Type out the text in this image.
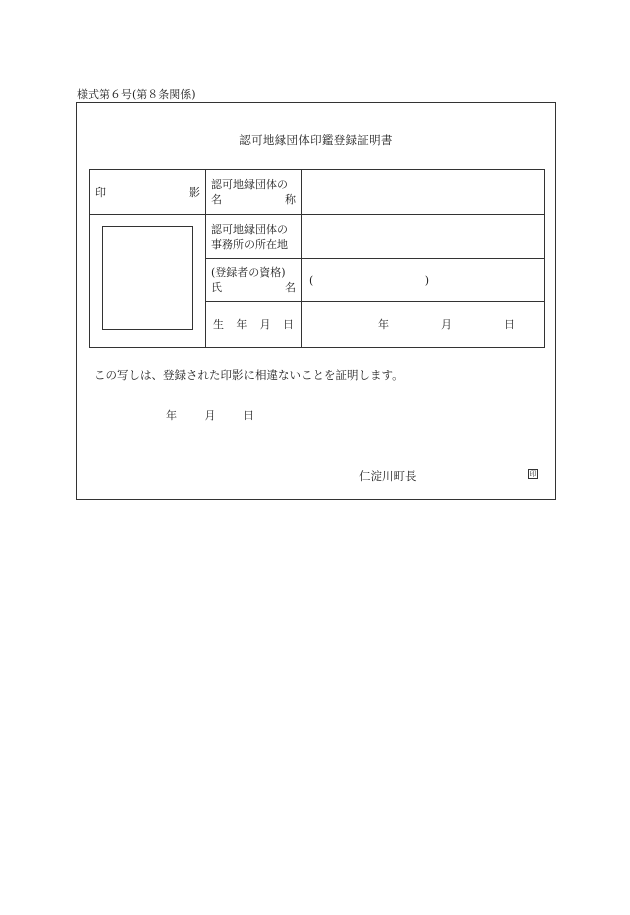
様式第６号(第８条関係)
認可地縁団体印鑑登録証明書
印 影	認可地縁団体の
名 称	

	認可地縁団体の
事務所の所在地	

	(登録者の資格)
氏 名	( )

	生 年 月 日	年 月 日
この写しは、登録された印影に相違ないことを証明します。
年	月	日
仁淀川町長	印
